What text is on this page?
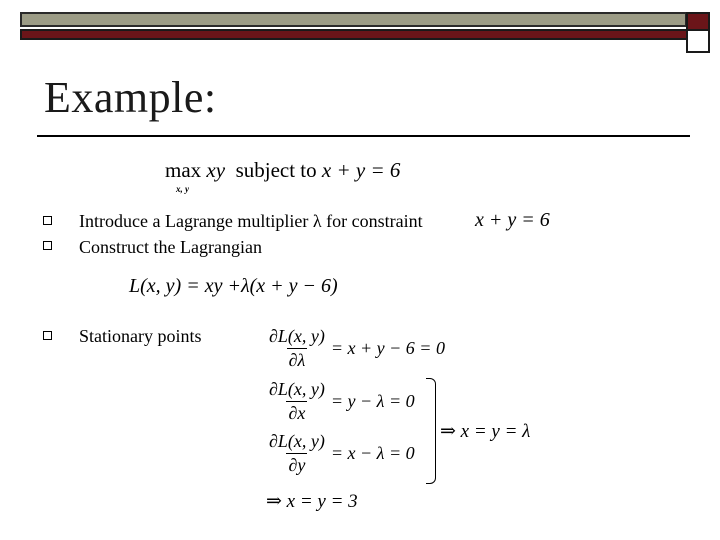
Example:
max xy subject to x + y = 6
x, y
Introduce a Lagrange multiplier λ for constraint	x + y = 6
Construct the Lagrangian
L(x, y) = xy +λ(x + y − 6)
Stationary points	$\frac{\partial L(x, y)}{\partial\lambda} = x + y - 6 = 0$
$\frac{\partial L(x, y)}{\partial x} = y - \lambda = 0$
$\frac{\partial L(x, y)}{\partial y} = x - \lambda = 0$
⇒ x = y = λ
⇒ x = y = 3
